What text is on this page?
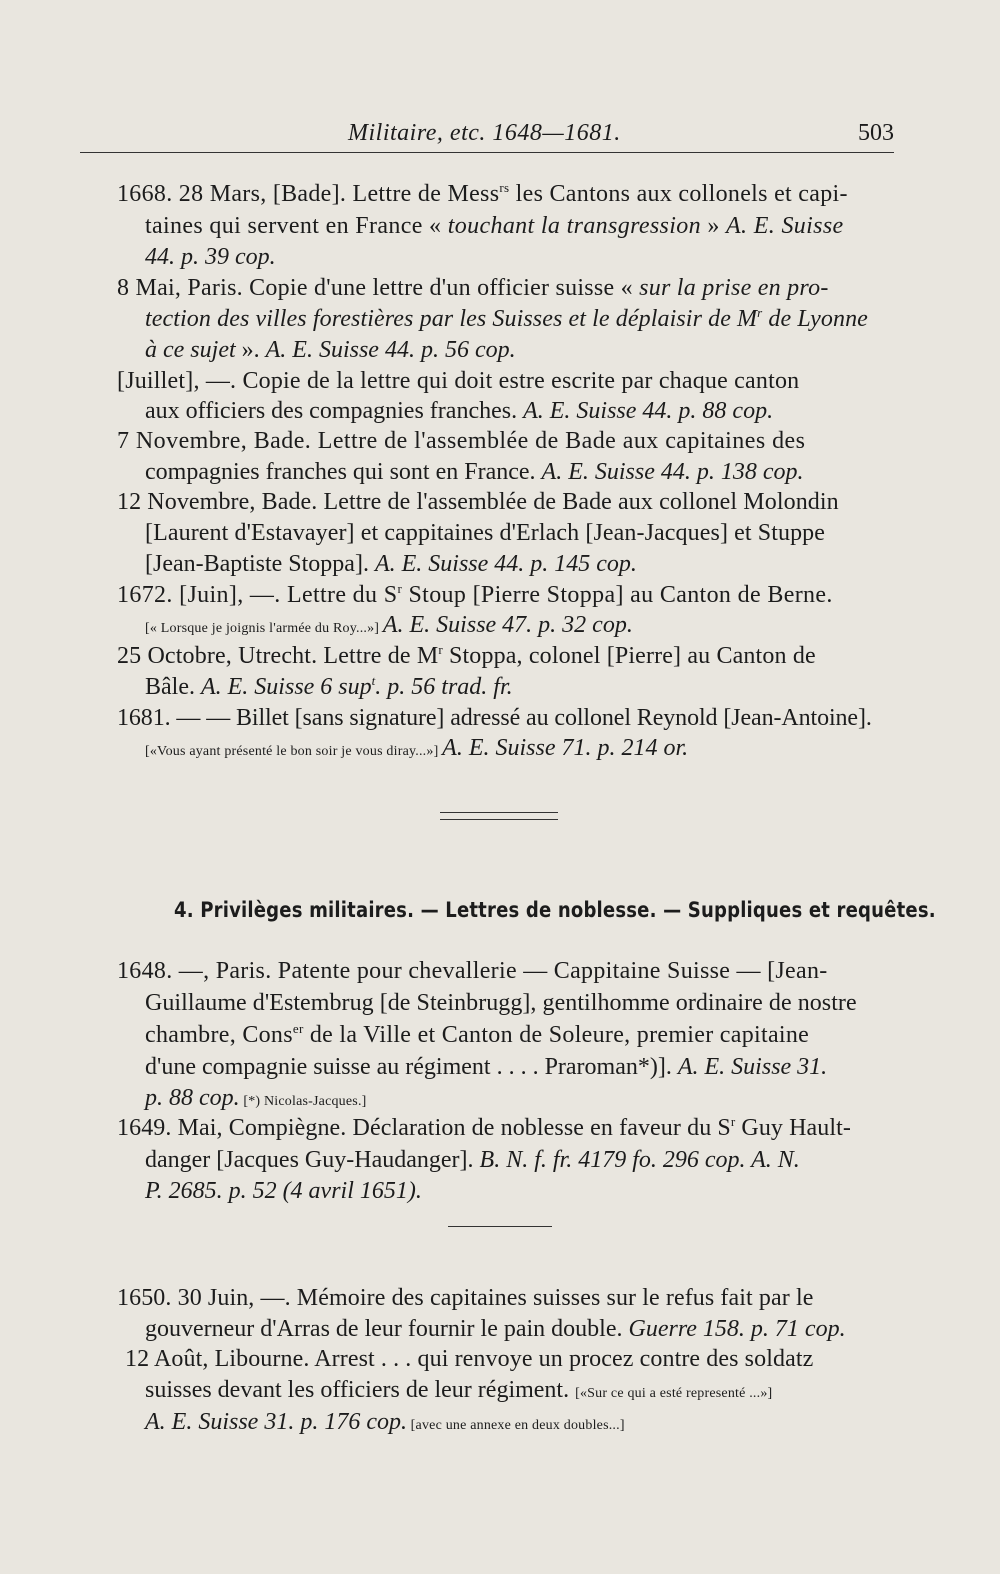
Militaire, etc. 1648—1681.	503
1668. 28 Mars, [Bade]. Lettre de Mess$^{rs}$ les Cantons aux collonels et capi-
taines qui servent en France « touchant la transgression » A. E. Suisse
44. p. 39 cop.
8 Mai, Paris. Copie d'une lettre d'un officier suisse « sur la prise en pro-
tection des villes forestières par les Suisses et le déplaisir de $M^r$ de Lyonne
à ce sujet ». A. E. Suisse 44. p. 56 cop.
[Juillet], —. Copie de la lettre qui doit estre escrite par chaque canton
aux officiers des compagnies franches. A. E. Suisse 44. p. 88 cop.
7 Novembre, Bade. Lettre de l'assemblée de Bade aux capitaines des
compagnies franches qui sont en France. A. E. Suisse 44. p. 138 cop.
12 Novembre, Bade. Lettre de l'assemblée de Bade aux collonel Molondin
[Laurent d'Estavayer] et cappitaines d'Erlach [Jean-Jacques] et Stuppe
[Jean-Baptiste Stoppa]. A. E. Suisse 44. p. 145 cop.
1672. [Juin], —. Lettre du $S^r$ Stoup [Pierre Stoppa] au Canton de Berne.
[« Lorsque je joignis l'armée du Roy...»] A. E. Suisse 47. p. 32 cop.
25 Octobre, Utrecht. Lettre de $M^r$ Stoppa, colonel [Pierre] au Canton de
Bâle. A. E. Suisse 6 sup$^t$. p. 56 trad. fr.
1681. — — Billet [sans signature] adressé au collonel Reynold [Jean-Antoine].
[«Vous ayant présenté le bon soir je vous diray...»] A. E. Suisse 71. p. 214 or.
4. Privilèges militaires. — Lettres de noblesse. — Suppliques et requêtes.
1648. —, Paris. Patente pour chevallerie — Cappitaine Suisse — [Jean-
Guillaume d'Estembrug [de Steinbrugg], gentilhomme ordinaire de nostre
chambre, Cons$^{er}$ de la Ville et Canton de Soleure, premier capitaine
d'une compagnie suisse au régiment . . . . Praroman*)]. A. E. Suisse 31.
p. 88 cop. [*) Nicolas-Jacques.]
1649. Mai, Compiègne. Déclaration de noblesse en faveur du $S^r$ Guy Hault-
danger [Jacques Guy-Haudanger]. B. N. f. fr. 4179 fo. 296 cop. A. N.
P. 2685. p. 52 (4 avril 1651).
1650. 30 Juin, —. Mémoire des capitaines suisses sur le refus fait par le
gouverneur d'Arras de leur fournir le pain double. Guerre 158. p. 71 cop.
12 Août, Libourne. Arrest . . . qui renvoye un procez contre des soldatz
suisses devant les officiers de leur régiment. [«Sur ce qui a esté representé ...»]
A. E. Suisse 31. p. 176 cop. [avec une annexe en deux doubles...]
